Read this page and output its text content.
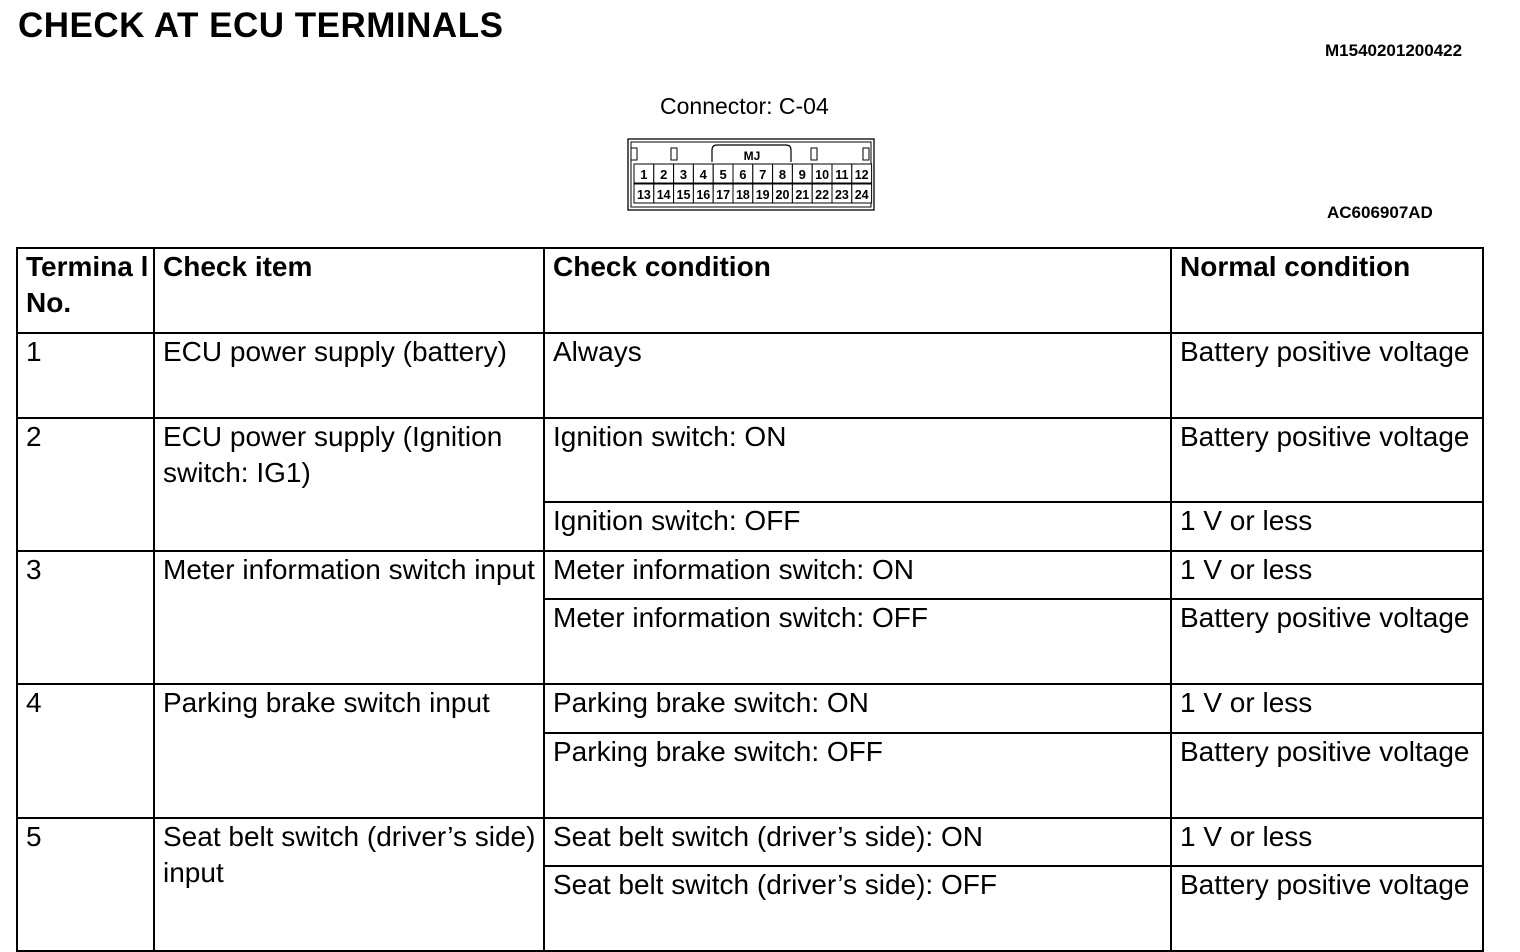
CHECK AT ECU TERMINALS
M1540201200422
Connector: C-04
MJ
1 2 3 4 5 6 7 8 9 10 11 12
13 14 15 16 17 18 19 20 21 22 23 24
AC606907AD
Termina l No.	Check item	Check condition	Normal condition
1	ECU power supply (battery)	Always	Battery positive voltage
2	ECU power supply (Ignition switch: IG1)	Ignition switch: ON	Battery positive voltage
		Ignition switch: OFF	1 V or less
3	Meter information switch input	Meter information switch: ON	1 V or less
		Meter information switch: OFF	Battery positive voltage
4	Parking brake switch input	Parking brake switch: ON	1 V or less
		Parking brake switch: OFF	Battery positive voltage
5	Seat belt switch (driver’s side) input	Seat belt switch (driver’s side): ON	1 V or less
		Seat belt switch (driver’s side): OFF	Battery positive voltage
